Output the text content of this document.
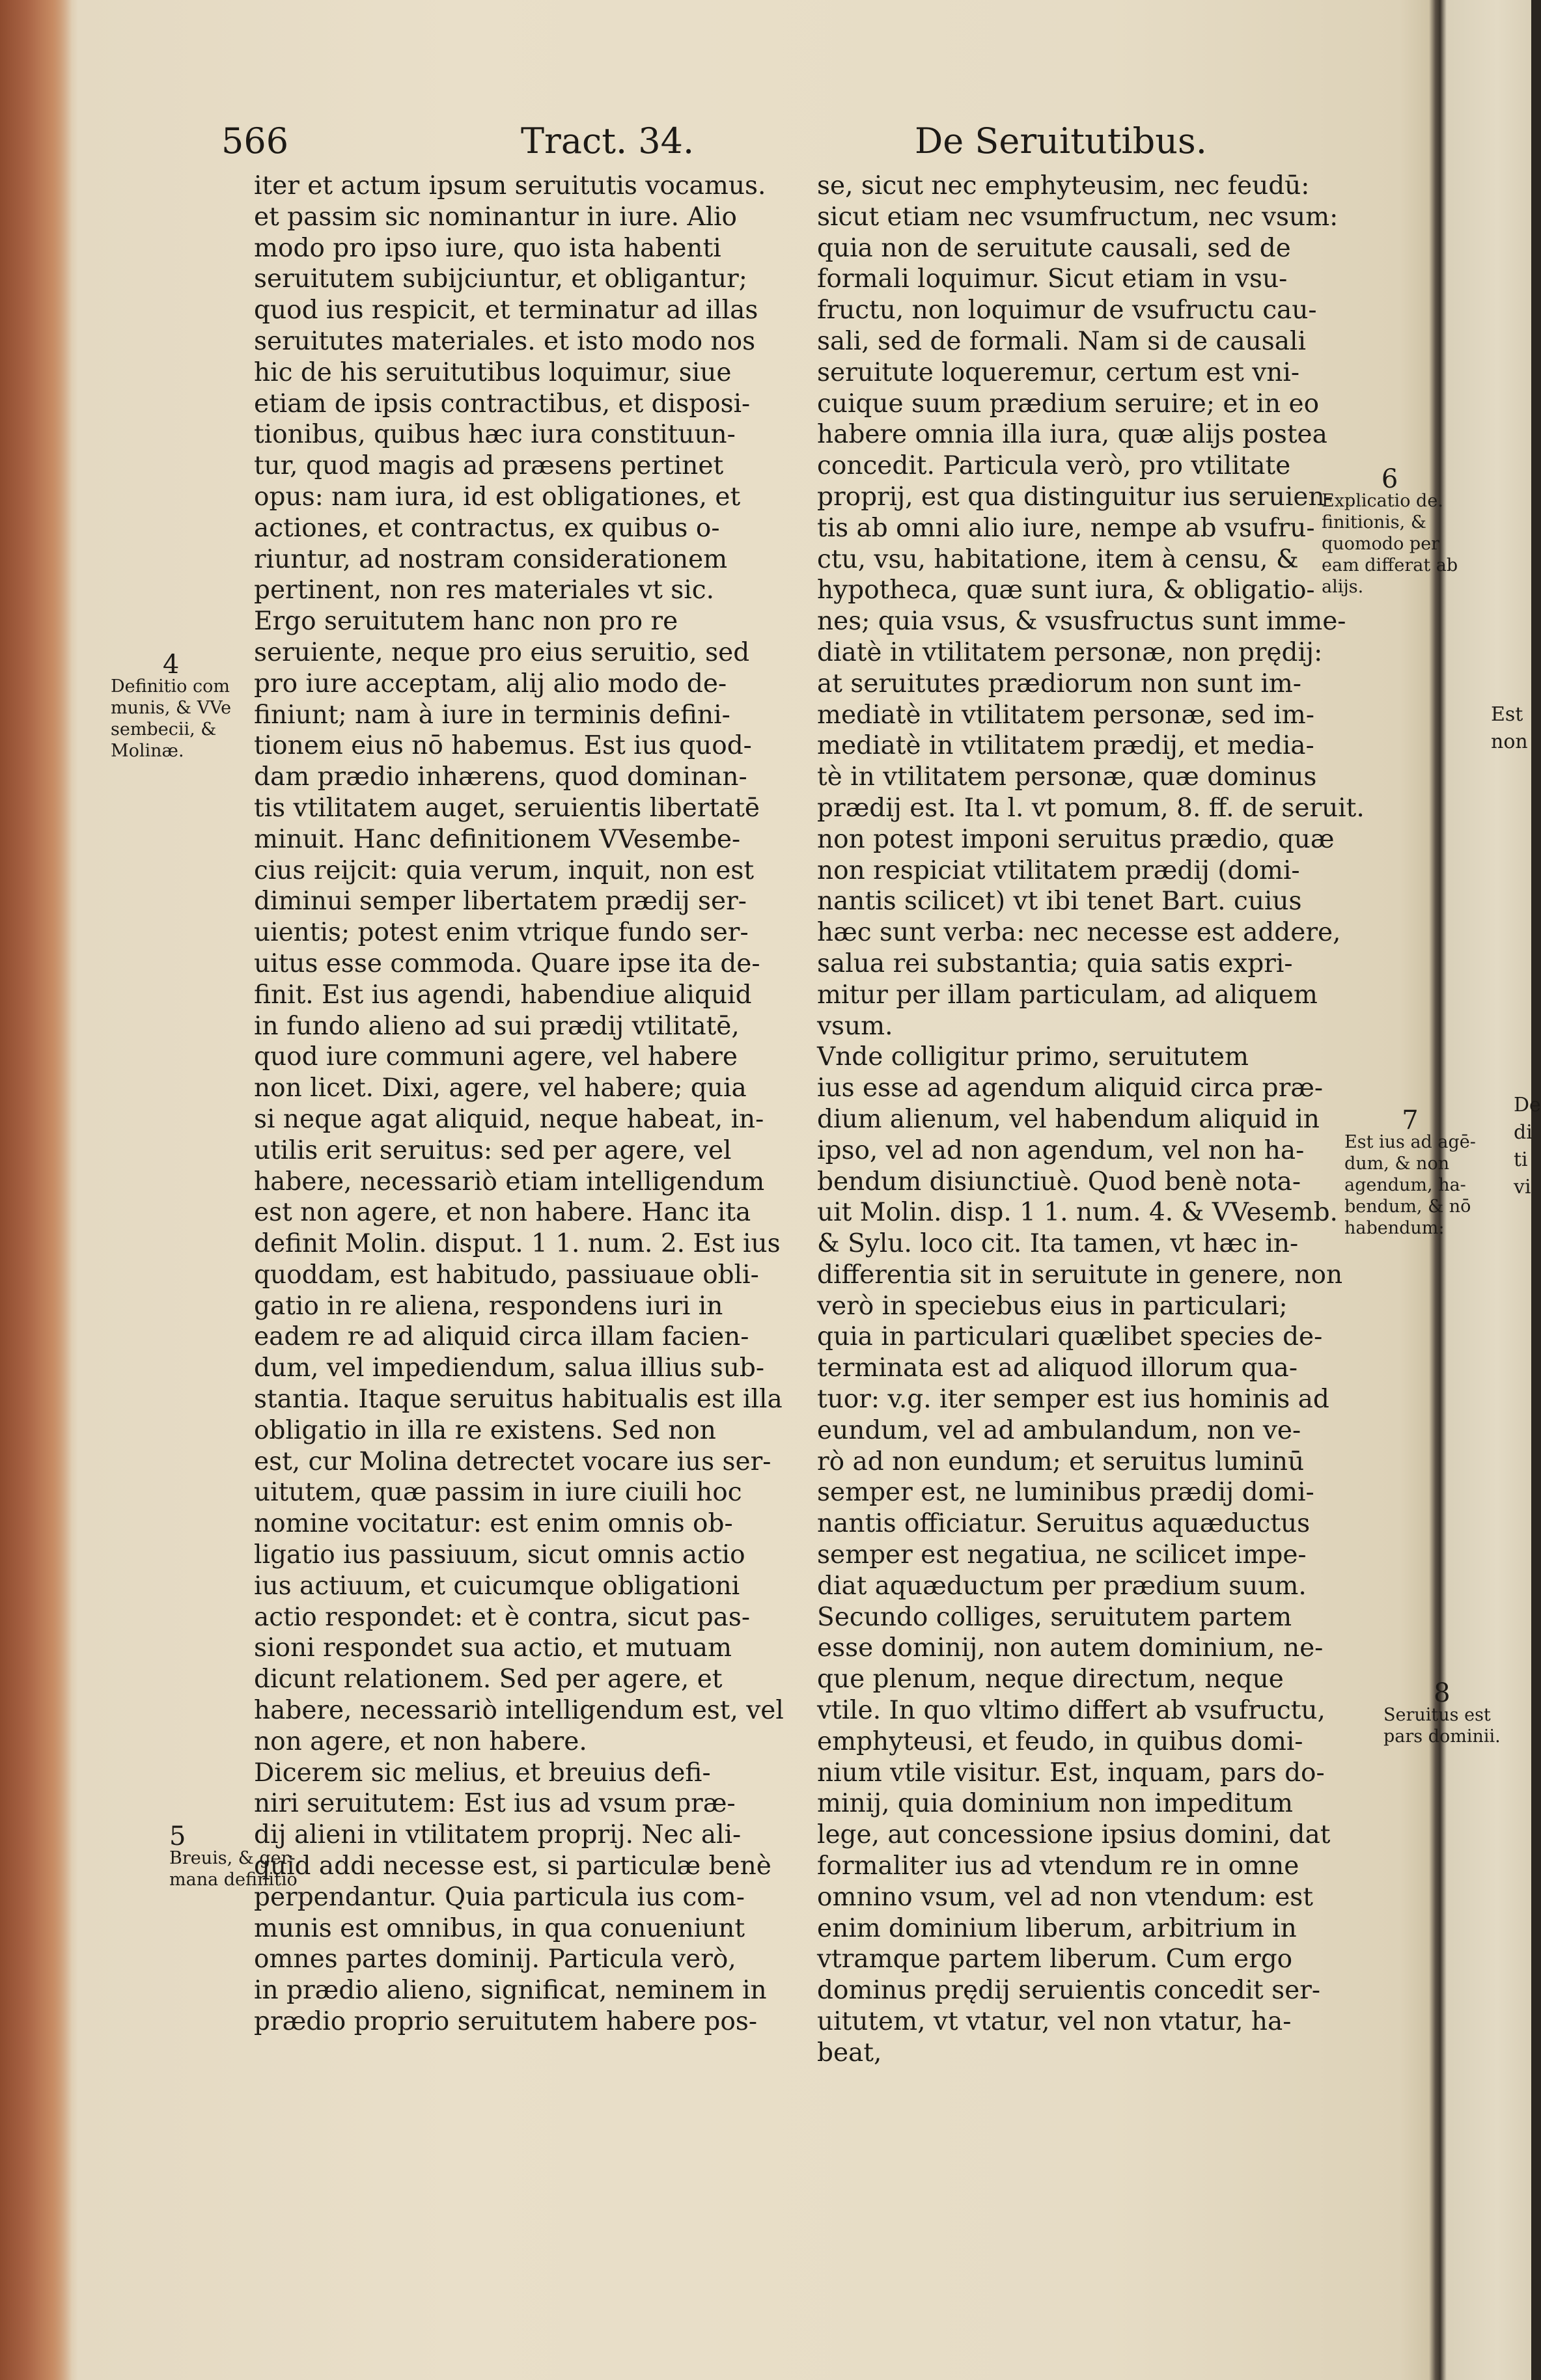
566	Tract. 34.	De Seruitutibus.
iter et actum ipsum seruitutis vocamus.
et passim sic nominantur in iure. Alio
modo pro ipso iure, quo ista habenti
seruitutem subijciuntur, et obligantur;
quod ius respicit, et terminatur ad illas
seruitutes materiales. et isto modo nos
hic de his seruitutibus loquimur, siue
etiam de ipsis contractibus, et disposi-
tionibus, quibus hæc iura constituun-
tur, quod magis ad præsens pertinet
opus: nam iura, id est obligationes, et
actiones, et contractus, ex quibus o-
riuntur, ad nostram considerationem
pertinent, non res materiales vt sic.
Ergo seruitutem hanc non pro re
seruiente, neque pro eius seruitio, sed
pro iure acceptam, alij alio modo de-
finiunt; nam à iure in terminis defini-
tionem eius nō habemus. Est ius quod-
dam prædio inhærens, quod dominan-
tis vtilitatem auget, seruientis libertatē
minuit. Hanc definitionem VVesembe-
cius reijcit: quia verum, inquit, non est
diminui semper libertatem prædij ser-
uientis; potest enim vtrique fundo ser-
uitus esse commoda. Quare ipse ita de-
finit. Est ius agendi, habendiue aliquid
in fundo alieno ad sui prædij vtilitatē,
quod iure communi agere, vel habere
non licet. Dixi, agere, vel habere; quia
si neque agat aliquid, neque habeat, in-
utilis erit seruitus: sed per agere, vel
habere, necessariò etiam intelligendum
est non agere, et non habere. Hanc ita
definit Molin. disput. 1 1. num. 2. Est ius
quoddam, est habitudo, passiuaue obli-
gatio in re aliena, respondens iuri in
eadem re ad aliquid circa illam facien-
dum, vel impediendum, salua illius sub-
stantia. Itaque seruitus habitualis est illa
obligatio in illa re existens. Sed non
est, cur Molina detrectet vocare ius ser-
uitutem, quæ passim in iure ciuili hoc
nomine vocitatur: est enim omnis ob-
ligatio ius passiuum, sicut omnis actio
ius actiuum, et cuicumque obligationi
actio respondet: et è contra, sicut pas-
sioni respondet sua actio, et mutuam
dicunt relationem. Sed per agere, et
habere, necessariò intelligendum est, vel
non agere, et non habere.
Dicerem sic melius, et breuius defi-
niri seruitutem: Est ius ad vsum præ-
dij alieni in vtilitatem proprij. Nec ali-
quid addi necesse est, si particulæ benè
perpendantur. Quia particula ius com-
munis est omnibus, in qua conueniunt
omnes partes dominij. Particula verò,
in prædio alieno, significat, neminem in
prædio proprio seruitutem habere pos-
se, sicut nec emphyteusim, nec feudū:
sicut etiam nec vsumfructum, nec vsum:
quia non de seruitute causali, sed de
formali loquimur. Sicut etiam in vsu-
fructu, non loquimur de vsufructu cau-
sali, sed de formali. Nam si de causali
seruitute loqueremur, certum est vni-
cuique suum prædium seruire; et in eo
habere omnia illa iura, quæ alijs postea
concedit. Particula verò, pro vtilitate
proprij, est qua distinguitur ius seruien-
tis ab omni alio iure, nempe ab vsufru-
ctu, vsu, habitatione, item à censu, &
hypotheca, quæ sunt iura, & obligatio-
nes; quia vsus, & vsusfructus sunt imme-
diatè in vtilitatem personæ, non prędij:
at seruitutes prædiorum non sunt im-
mediatè in vtilitatem personæ, sed im-
mediatè in vtilitatem prædij, et media-
tè in vtilitatem personæ, quæ dominus
prædij est. Ita l. vt pomum, 8. ff. de seruit.
non potest imponi seruitus prædio, quæ
non respiciat vtilitatem prædij (domi-
nantis scilicet) vt ibi tenet Bart. cuius
hæc sunt verba: nec necesse est addere,
salua rei substantia; quia satis expri-
mitur per illam particulam, ad aliquem
vsum.
Vnde colligitur primo, seruitutem
ius esse ad agendum aliquid circa præ-
dium alienum, vel habendum aliquid in
ipso, vel ad non agendum, vel non ha-
bendum disiunctiuè. Quod benè nota-
uit Molin. disp. 1 1. num. 4. & VVesemb.
& Sylu. loco cit. Ita tamen, vt hæc in-
differentia sit in seruitute in genere, non
verò in speciebus eius in particulari;
quia in particulari quælibet species de-
terminata est ad aliquod illorum qua-
tuor: v.g. iter semper est ius hominis ad
eundum, vel ad ambulandum, non ve-
rò ad non eundum; et seruitus luminū
semper est, ne luminibus prædij domi-
nantis officiatur. Seruitus aquæductus
semper est negatiua, ne scilicet impe-
diat aquæductum per prædium suum.
Secundo colliges, seruitutem partem
esse dominij, non autem dominium, ne-
que plenum, neque directum, neque
vtile. In quo vltimo differt ab vsufructu,
emphyteusi, et feudo, in quibus domi-
nium vtile visitur. Est, inquam, pars do-
minij, quia dominium non impeditum
lege, aut concessione ipsius domini, dat
formaliter ius ad vtendum re in omne
omnino vsum, vel ad non vtendum: est
enim dominium liberum, arbitrium in
vtramque partem liberum. Cum ergo
dominus prędij seruientis concedit ser-
uitutem, vt vtatur, vel non vtatur, ha-
beat,
4
Definitio com
munis, & VVe
sembecii, &
Molinæ.
5
Breuis, & ger-
mana definitio
6
Explicatio de.
finitionis, &
quomodo per
eam differat ab
alijs.
7
Est ius ad agē-
dum, & non
agendum, ha-
bendum, & nō
habendum:
8
Seruitus est
pars dominii.
Est
non
De
di
ti
vi
